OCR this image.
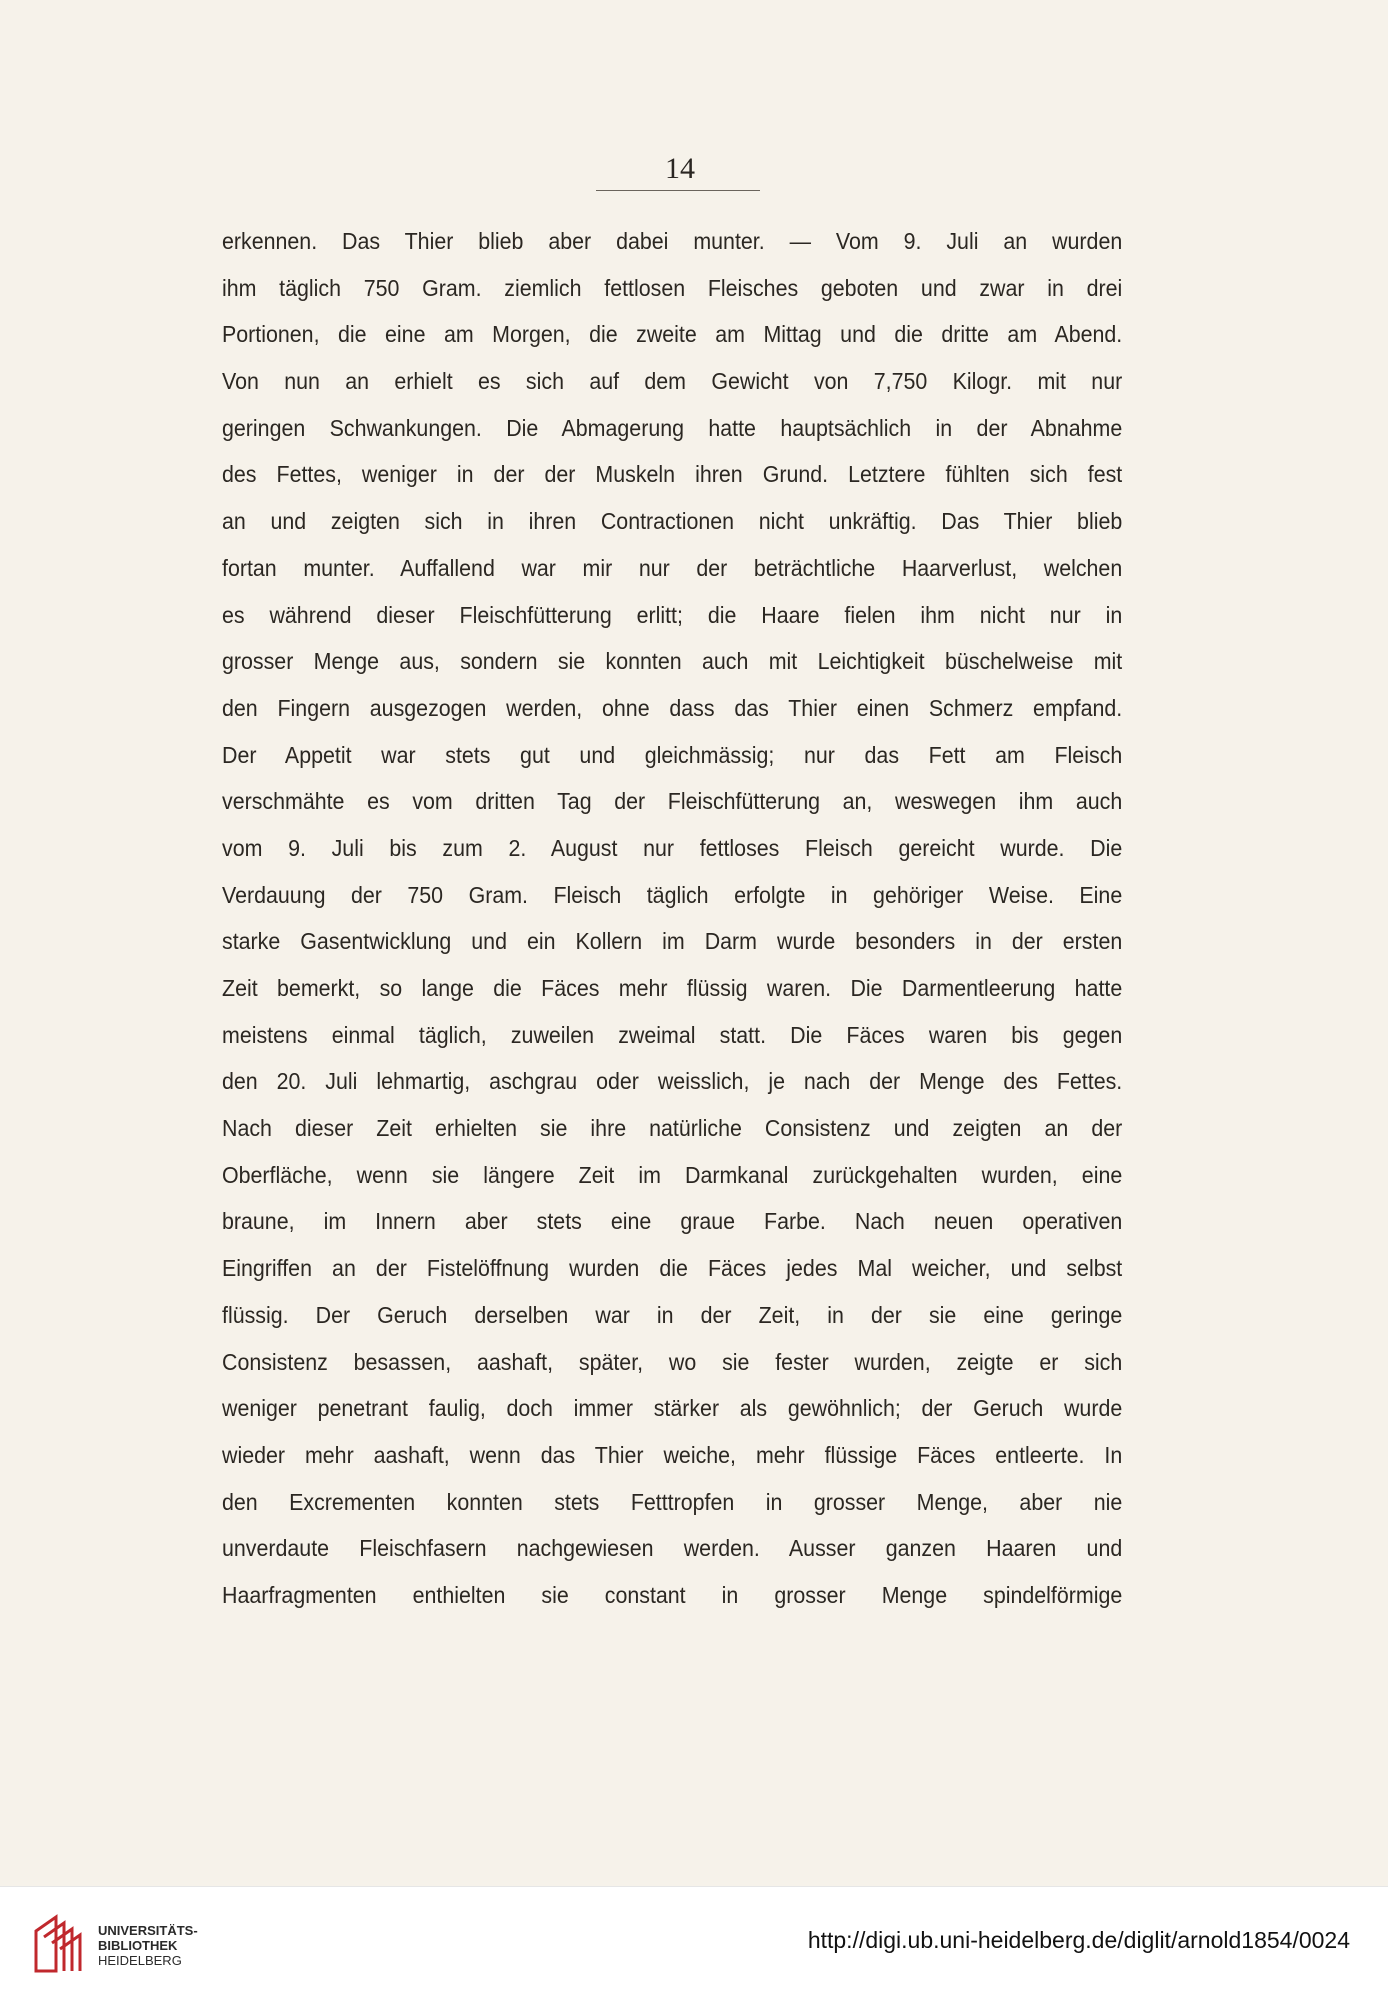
14

erkennen. Das Thier blieb aber dabei munter. — Vom 9. Juli an wurden
ihm täglich 750 Gram. ziemlich fettlosen Fleisches geboten und zwar in drei
Portionen, die eine am Morgen, die zweite am Mittag und die dritte am Abend.
Von nun an erhielt es sich auf dem Gewicht von 7,750 Kilogr. mit nur
geringen Schwankungen. Die Abmagerung hatte hauptsächlich in der Abnahme
des Fettes, weniger in der der Muskeln ihren Grund. Letztere fühlten sich fest
an und zeigten sich in ihren Contractionen nicht unkräftig. Das Thier blieb
fortan munter. Auffallend war mir nur der beträchtliche Haarverlust, welchen
es während dieser Fleischfütterung erlitt; die Haare fielen ihm nicht nur in
grosser Menge aus, sondern sie konnten auch mit Leichtigkeit büschelweise mit
den Fingern ausgezogen werden, ohne dass das Thier einen Schmerz empfand.
Der Appetit war stets gut und gleichmässig; nur das Fett am Fleisch
verschmähte es vom dritten Tag der Fleischfütterung an, weswegen ihm auch
vom 9. Juli bis zum 2. August nur fettloses Fleisch gereicht wurde. Die
Verdauung der 750 Gram. Fleisch täglich erfolgte in gehöriger Weise. Eine
starke Gasentwicklung und ein Kollern im Darm wurde besonders in der ersten
Zeit bemerkt, so lange die Fäces mehr flüssig waren. Die Darmentleerung hatte
meistens einmal täglich, zuweilen zweimal statt. Die Fäces waren bis gegen
den 20. Juli lehmartig, aschgrau oder weisslich, je nach der Menge des Fettes.
Nach dieser Zeit erhielten sie ihre natürliche Consistenz und zeigten an der
Oberfläche, wenn sie längere Zeit im Darmkanal zurückgehalten wurden, eine
braune, im Innern aber stets eine graue Farbe. Nach neuen operativen
Eingriffen an der Fistelöffnung wurden die Fäces jedes Mal weicher, und selbst
flüssig. Der Geruch derselben war in der Zeit, in der sie eine geringe
Consistenz besassen, aashaft, später, wo sie fester wurden, zeigte er sich
weniger penetrant faulig, doch immer stärker als gewöhnlich; der Geruch wurde
wieder mehr aashaft, wenn das Thier weiche, mehr flüssige Fäces entleerte. In
den Excrementen konnten stets Fetttropfen in grosser Menge, aber nie
unverdaute Fleischfasern nachgewiesen werden. Ausser ganzen Haaren und
Haarfragmenten enthielten sie constant in grosser Menge spindelförmige
UNIVERSITÄTS-
BIBLIOTHEK
HEIDELBERG
http://digi.ub.uni-heidelberg.de/diglit/arnold1854/0024
